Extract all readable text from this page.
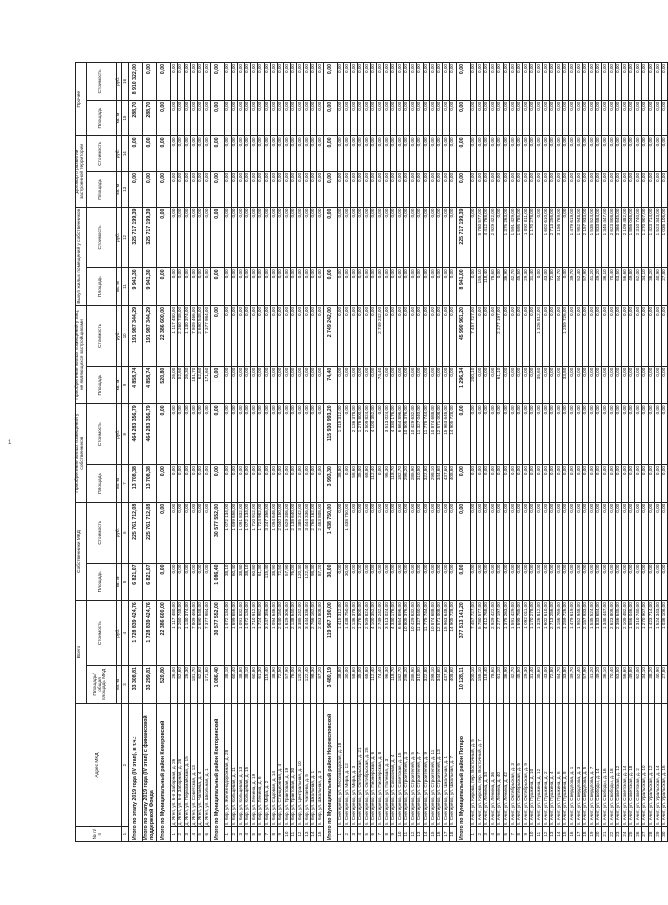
№ п/п	Адрес МКД	Всего		Собственники МКД		Приобретение жилых помещений у собственников		Приобретение жилых помещений у лиц, не являющихся застройщиками		Выкуп жилых помещений у собственников		Договор о развитии застроенной территории		Прочее	
		Площадь/общая площадь МКД	Стоимость	Площадь	Стоимость	Площадь	Стоимость	Площадь	Стоимость	Площадь	Стоимость	Площадь	Стоимость	Площадь	Стоимость
		кв. м	руб.	кв. м	руб.	кв. м	руб.	кв. м	руб.	кв. м	руб.	кв. м	руб.	кв. м	руб.
1	2	3	4	5	6	7	8	9	10	11	12	13	14	15	16
Итого по этапу 2019 года (IV этап), в т.ч.:		33 308,81	1 728 839 424,76	6 821,07	225 761 712,08	13 708,38	464 283 356,79	4 858,74	191 987 344,29	9 941,30	325 717 199,39	0,00	0,00	288,70	8 910 322,00
Итого по этапу 2019 года (IV этап) с финансовой поддержкой Фонда		33 299,81	1 728 839 424,76	6 821,07	225 761 712,08	13 708,38	464 283 356,79	4 858,74	191 987 344,29	9 941,30	325 717 199,39	0,00	0,00	288,70	0,00
Итого по Муниципальный район Кемеровский		520,80	22 386 600,00	0,00	0,00	0,00	0,00	520,80	22 386 600,00	0,00	0,00	0,00	0,00	0,00	0,00
1	д. Ягеп, ул. 6-я Заборная, д. 26	26,00	1 117 480,00	0,00	0,00	0,00	0,00	26,00	1 117 480,00	0,00	0,00	0,00	0,00	0,00	0,00
2	д. Ягеп, ул. 6-я Заборная, д. 26	52,60	2 260 748,00	0,00	0,00	0,00	0,00	52,60	2 260 748,00	0,00	0,00	0,00	0,00	0,00	0,00
3	д. Ягеп, ул. Первомайская, д. 15	26,30	1 130 374,00	0,00	0,00	0,00	0,00	26,30	1 130 374,00	0,00	0,00	0,00	0,00	0,00	0,00
4	д. Ягеп, ул. Советская, д. 13	181,70	7 809 466,00	0,00	0,00	0,00	0,00	181,70	7 809 466,00	0,00	0,00	0,00	0,00	0,00	0,00
5	д. Ягеп, ул. Чапаева, д. 4	62,60	2 690 548,00	0,00	0,00	0,00	0,00	62,60	2 690 548,00	0,00	0,00	0,00	0,00	0,00	0,00
6	д. Ягеп, ул. Школьная, д. 1	171,60	7 377 984,00	0,00	0,00	0,00	0,00	171,60	7 377 984,00	0,00	0,00	0,00	0,00	0,00	0,00
Итого по Муниципальный район Кокторинский		1 086,40	30 577 552,00	1 086,40	30 577 552,00	0,00	0,00	0,00	0,00	0,00	0,00	0,00	0,00	0,00	0,00
1	п. Кир, ул. Железнодорожная, д. 28	38,10	1 072 134,00	38,10	1 072 134,00	0,00	0,00	0,00	0,00	0,00	0,00	0,00	0,00	0,00	0,00
2	п. Кир, ул. Кольцевая, д. 11	60,40	1 699 656,00	60,40	1 699 656,00	0,00	0,00	0,00	0,00	0,00	0,00	0,00	0,00	0,00	0,00
3	п. Кир, ул. Кольцевая, д. 13	38,80	1 091 832,00	38,80	1 091 832,00	0,00	0,00	0,00	0,00	0,00	0,00	0,00	0,00	0,00	0,00
4	п. Кир, ул. Кольцевая, д. 15	38,10	1 072 134,00	38,10	1 072 134,00	0,00	0,00	0,00	0,00	0,00	0,00	0,00	0,00	0,00	0,00
5	п. Кир, ул. Ленина, д. 19	60,80	1 710 912,00	60,80	1 710 912,00	0,00	0,00	0,00	0,00	0,00	0,00	0,00	0,00	0,00	0,00
6	п. Кир, ул. Ленина, д. 6	61,30	1 724 982,00	61,30	1 724 982,00	0,00	0,00	0,00	0,00	0,00	0,00	0,00	0,00	0,00	0,00
7	п. Кир, ул. Мира, д. 2	115,40	3 247 356,00	115,40	3 247 356,00	0,00	0,00	0,00	0,00	0,00	0,00	0,00	0,00	0,00	0,00
8	п. Кир, ул. Садовая, д. 14	38,90	1 094 646,00	38,90	1 094 646,00	0,00	0,00	0,00	0,00	0,00	0,00	0,00	0,00	0,00	0,00
9	п. Кир, ул. Станционная, д. 4	72,50	2 040 150,00	72,50	2 040 150,00	0,00	0,00	0,00	0,00	0,00	0,00	0,00	0,00	0,00	0,00
10	п. Кир, ул. Трактовая, д. 19	57,90	1 629 306,00	57,90	1 629 306,00	0,00	0,00	0,00	0,00	0,00	0,00	0,00	0,00	0,00	0,00
11	п. Кир, ул. Трактовая, д. 30	76,00	2 138 640,00	76,00	2 138 640,00	0,00	0,00	0,00	0,00	0,00	0,00	0,00	0,00	0,00	0,00
12	п. Кир, ул. Центральная, д. 10	120,30	3 385 242,00	120,30	3 385 242,00	0,00	0,00	0,00	0,00	0,00	0,00	0,00	0,00	0,00	0,00
13	п. Кир, ул. Чапаева, д. 5	122,40	3 444 336,00	122,40	3 444 336,00	0,00	0,00	0,00	0,00	0,00	0,00	0,00	0,00	0,00	0,00
14	п. Кир, ул. Школьная, д. 1	98,30	2 766 162,00	98,30	2 766 162,00	0,00	0,00	0,00	0,00	0,00	0,00	0,00	0,00	0,00	0,00
15	п. Кир, ул. Школьная, д. 3	87,20	2 453 808,00	87,20	2 453 808,00	0,00	0,00	0,00	0,00	0,00	0,00	0,00	0,00	0,00	0,00
Итого по Муниципальный район Норожсповской		3 480,19	119 967 190,00	30,00	1 438 750,00	3 993,30	115 930 993,20	74,40	2 749 242,00	0,00	0,00	0,00	0,00	0,00	0,00
1	п. Снегирево, ул. Лесозаводская, д. 18	38,80	1 415 312,00	0,00	0,00	38,80	1 415 312,00	0,00	0,00	0,00	0,00	0,00	0,00	0,00	0,00
2	п. Снегирево, ул. Мира, д. 12	30,00	1 438 750,00	30,00	1 438 750,00	0,00	0,00	0,00	0,00	0,00	0,00	0,00	0,00	0,00	0,00
3	п. Снегирево, ул. Мира, д. 3	58,60	2 136 378,00	0,00	0,00	58,60	2 136 378,00	0,00	0,00	0,00	0,00	0,00	0,00	0,00	0,00
4	п. Снегирево, ул. Октябрьская, д. 21	35,00	1 276 800,00	0,00	0,00	35,00	1 276 800,00	0,00	0,00	0,00	0,00	0,00	0,00	0,00	0,00
5	п. Снегирево, ул. Октябрьская, д. 25	68,80	2 509 824,00	0,00	0,00	68,80	2 509 824,00	0,00	0,00	0,00	0,00	0,00	0,00	0,00	0,00
6	п. Снегирево, ул. Пионерская, д. 6	112,40	4 100 352,00	0,00	0,00	112,40	4 100 352,00	0,00	0,00	0,00	0,00	0,00	0,00	0,00	0,00
7	п. Снегирево, ул. Пионерская, д. 8	74,40	2 749 242,00	0,00	0,00	0,00	0,00	74,40	2 749 242,00	0,00	0,00	0,00	0,00	0,00	0,00
8	п. Снегирево, ул. Полевая, д. 3	96,30	3 513 024,00	0,00	0,00	96,30	3 513 024,00	0,00	0,00	0,00	0,00	0,00	0,00	0,00	0,00
9	п. Снегирево, ул. Совхозная, д. 4	118,70	4 330 176,00	0,00	0,00	118,70	4 330 176,00	0,00	0,00	0,00	0,00	0,00	0,00	0,00	0,00
10	п. Снегирево, ул. Советская, д. 15	182,70	6 664 896,00	0,00	0,00	182,70	6 664 896,00	0,00	0,00	0,00	0,00	0,00	0,00	0,00	0,00
11	п. Снегирево, ул. Строителей, д. 3	296,20	10 805 376,00	0,00	0,00	296,20	10 805 376,00	0,00	0,00	0,00	0,00	0,00	0,00	0,00	0,00
12	п. Снегирево, ул. Строителей, д. 5	285,90	10 429 632,00	0,00	0,00	285,90	10 429 632,00	0,00	0,00	0,00	0,00	0,00	0,00	0,00	0,00
13	п. Снегирево, ул. Строителей, д. 7	310,50	11 327 040,00	0,00	0,00	310,50	11 327 040,00	0,00	0,00	0,00	0,00	0,00	0,00	0,00	0,00
14	п. Снегирево, ул. Строителей, д. 9	322,80	11 775 744,00	0,00	0,00	322,80	11 775 744,00	0,00	0,00	0,00	0,00	0,00	0,00	0,00	0,00
15	п. Снегирево, ул. Строителей, д. 11	298,10	10 874 688,00	0,00	0,00	298,10	10 874 688,00	0,00	0,00	0,00	0,00	0,00	0,00	0,00	0,00
16	п. Снегирево, ул. Строителей, д. 13	344,60	12 571 008,00	0,00	0,00	344,60	12 571 008,00	0,00	0,00	0,00	0,00	0,00	0,00	0,00	0,00
17	п. Снегирево, ул. Школьная, д. 1	437,60	15 963 648,00	0,00	0,00	437,60	15 963 648,00	0,00	0,00	0,00	0,00	0,00	0,00	0,00	0,00
18	п. Снегирево, ул. Школьная, д. 7	408,60	14 905 728,00	0,00	0,00	408,60	14 905 728,00	0,00	0,00	0,00	0,00	0,00	0,00	0,00	0,00
Итого по Муниципальный район Потаро		10 128,11	377 513 141,20	0,00	0,00	0,00	0,00	1 296,34	45 990 961,20	8 941,00	225 717 199,39	0,00	0,00	0,00	0,00
1	п. Ачит, ул. Кирова, пер. Восточный, д. 5	200,10	7 457 727,00	0,00	0,00	0,00	0,00	200,10	7 457 727,00	0,00	0,00	0,00	0,00	0,00	0,00
2	п. Ачит, ул. Кирова, пер. Восточный, д. 7	155,10	5 780 577,00	0,00	0,00	0,00	0,00	0,00	0,00	155,10	5 780 577,00	0,00	0,00	0,00	0,00
3	п. Ачит, ул. Ленина, д. 34	118,40	4 412 768,00	0,00	0,00	0,00	0,00	0,00	0,00	118,40	4 412 768,00	0,00	0,00	0,00	0,00
4	п. Ачит, ул. Ленина, д. 36	78,60	2 929 422,00	0,00	0,00	0,00	0,00	0,00	0,00	78,60	2 929 422,00	0,00	0,00	0,00	0,00
5	п. Ачит, ул. Ленина, д. 40	61,10	2 277 197,00	0,00	0,00	0,00	0,00	61,10	2 277 197,00	0,00	0,00	0,00	0,00	0,00	0,00
6	п. Ачит, ул. Ленина, д. 42	36,90	1 375 263,00	0,00	0,00	0,00	0,00	0,00	0,00	36,90	1 375 263,00	0,00	0,00	0,00	0,00
7	п. Ачит, ул. Октябрьская, д. 3	42,70	1 591 429,00	0,00	0,00	0,00	0,00	0,00	0,00	42,70	1 591 429,00	0,00	0,00	0,00	0,00
8	п. Ачит, ул. Октябрьская, д. 5	45,50	1 695 785,00	0,00	0,00	0,00	0,00	0,00	0,00	45,50	1 695 785,00	0,00	0,00	0,00	0,00
9	п. Ачит, ул. Октябрьская, д. 9	29,30	1 092 011,00	0,00	0,00	0,00	0,00	0,00	0,00	29,30	1 092 011,00	0,00	0,00	0,00	0,00
10	п. Ачит, ул. Пушкина, д. 10	31,40	1 170 278,00	0,00	0,00	0,00	0,00	0,00	0,00	31,40	1 170 278,00	0,00	0,00	0,00	0,00
11	п. Ачит, ул. Пушкина, д. 12	35,60	1 326 812,00	0,00	0,00	0,00	0,00	35,60	1 326 812,00	0,00	0,00	0,00	0,00	0,00	0,00
12	п. Ачит, ул. Пушкина, д. 2	43,00	1 602 610,00	0,00	0,00	0,00	0,00	0,00	0,00	43,00	1 602 610,00	0,00	0,00	0,00	0,00
13	п. Ачит, ул. Пушкина, д. 4	72,80	2 713 256,00	0,00	0,00	0,00	0,00	0,00	0,00	72,80	2 713 256,00	0,00	0,00	0,00	0,00
14	п. Ачит, ул. Пушкина, д. 6	84,70	3 156 769,00	0,00	0,00	0,00	0,00	0,00	0,00	84,70	3 156 769,00	0,00	0,00	0,00	0,00
15	п. Ачит, ул. Пушкина, д. 8	33,80	1 259 726,00	0,00	0,00	0,00	0,00	33,80	1 259 726,00	0,00	0,00	0,00	0,00	0,00	0,00
16	п. Ачит, ул. Свердлова, д. 1	39,70	1 479 619,00	0,00	0,00	0,00	0,00	0,00	0,00	39,70	1 479 619,00	0,00	0,00	0,00	0,00
17	п. Ачит, ул. Свердлова, д. 3	52,40	1 952 948,00	0,00	0,00	0,00	0,00	0,00	0,00	52,40	1 952 948,00	0,00	0,00	0,00	0,00
18	п. Ачит, ул. Свердлова, д. 5	57,90	2 157 933,00	0,00	0,00	0,00	0,00	0,00	0,00	57,90	2 157 933,00	0,00	0,00	0,00	0,00
19	п. Ачит, ул. Свердлова, д. 7	41,20	1 535 524,00	0,00	0,00	0,00	0,00	0,00	0,00	41,20	1 535 524,00	0,00	0,00	0,00	0,00
20	п. Ачит, ул. Свободы, д. 14	49,20	1 833 684,00	0,00	0,00	0,00	0,00	0,00	0,00	49,20	1 833 684,00	0,00	0,00	0,00	0,00
21	п. Ачит, ул. Свободы, д. 16	36,10	1 345 447,00	0,00	0,00	0,00	0,00	0,00	0,00	36,10	1 345 447,00	0,00	0,00	0,00	0,00
22	п. Ачит, ул. Свободы, д. 18	70,40	2 623 808,00	0,00	0,00	0,00	0,00	0,00	0,00	70,40	2 623 808,00	0,00	0,00	0,00	0,00
23	п. Ачит, ул. Советская, д. 12	63,50	2 366 645,00	0,00	0,00	0,00	0,00	0,00	0,00	63,50	2 366 645,00	0,00	0,00	0,00	0,00
24	п. Ачит, ул. Советская, д. 14	56,60	2 109 482,00	0,00	0,00	0,00	0,00	0,00	0,00	56,60	2 109 482,00	0,00	0,00	0,00	0,00
25	п. Ачит, ул. Советская, д. 18	49,80	1 856 046,00	0,00	0,00	0,00	0,00	0,00	0,00	49,80	1 856 046,00	0,00	0,00	0,00	0,00
26	п. Ачит, ул. Советская, д. 2	62,00	2 310 740,00	0,00	0,00	0,00	0,00	0,00	0,00	62,00	2 310 740,00	0,00	0,00	0,00	0,00
27	п. Ачит, ул. Уральская, д. 10	34,10	1 270 907,00	0,00	0,00	0,00	0,00	0,00	0,00	34,10	1 270 907,00	0,00	0,00	0,00	0,00
28	п. Ачит, ул. Уральская, д. 12	38,20	1 423 714,00	0,00	0,00	0,00	0,00	0,00	0,00	38,20	1 423 714,00	0,00	0,00	0,00	0,00
29	п. Ачит, ул. Уральская, д. 14	40,90	1 524 343,00	0,00	0,00	0,00	0,00	0,00	0,00	40,90	1 524 343,00	0,00	0,00	0,00	0,00
30	п. Ачит, ул. Уральская, д. 16	27,80	1 036 106,00	0,00	0,00	0,00	0,00	0,00	0,00	27,80	1 036 106,00	0,00	0,00	0,00	0,00
1
